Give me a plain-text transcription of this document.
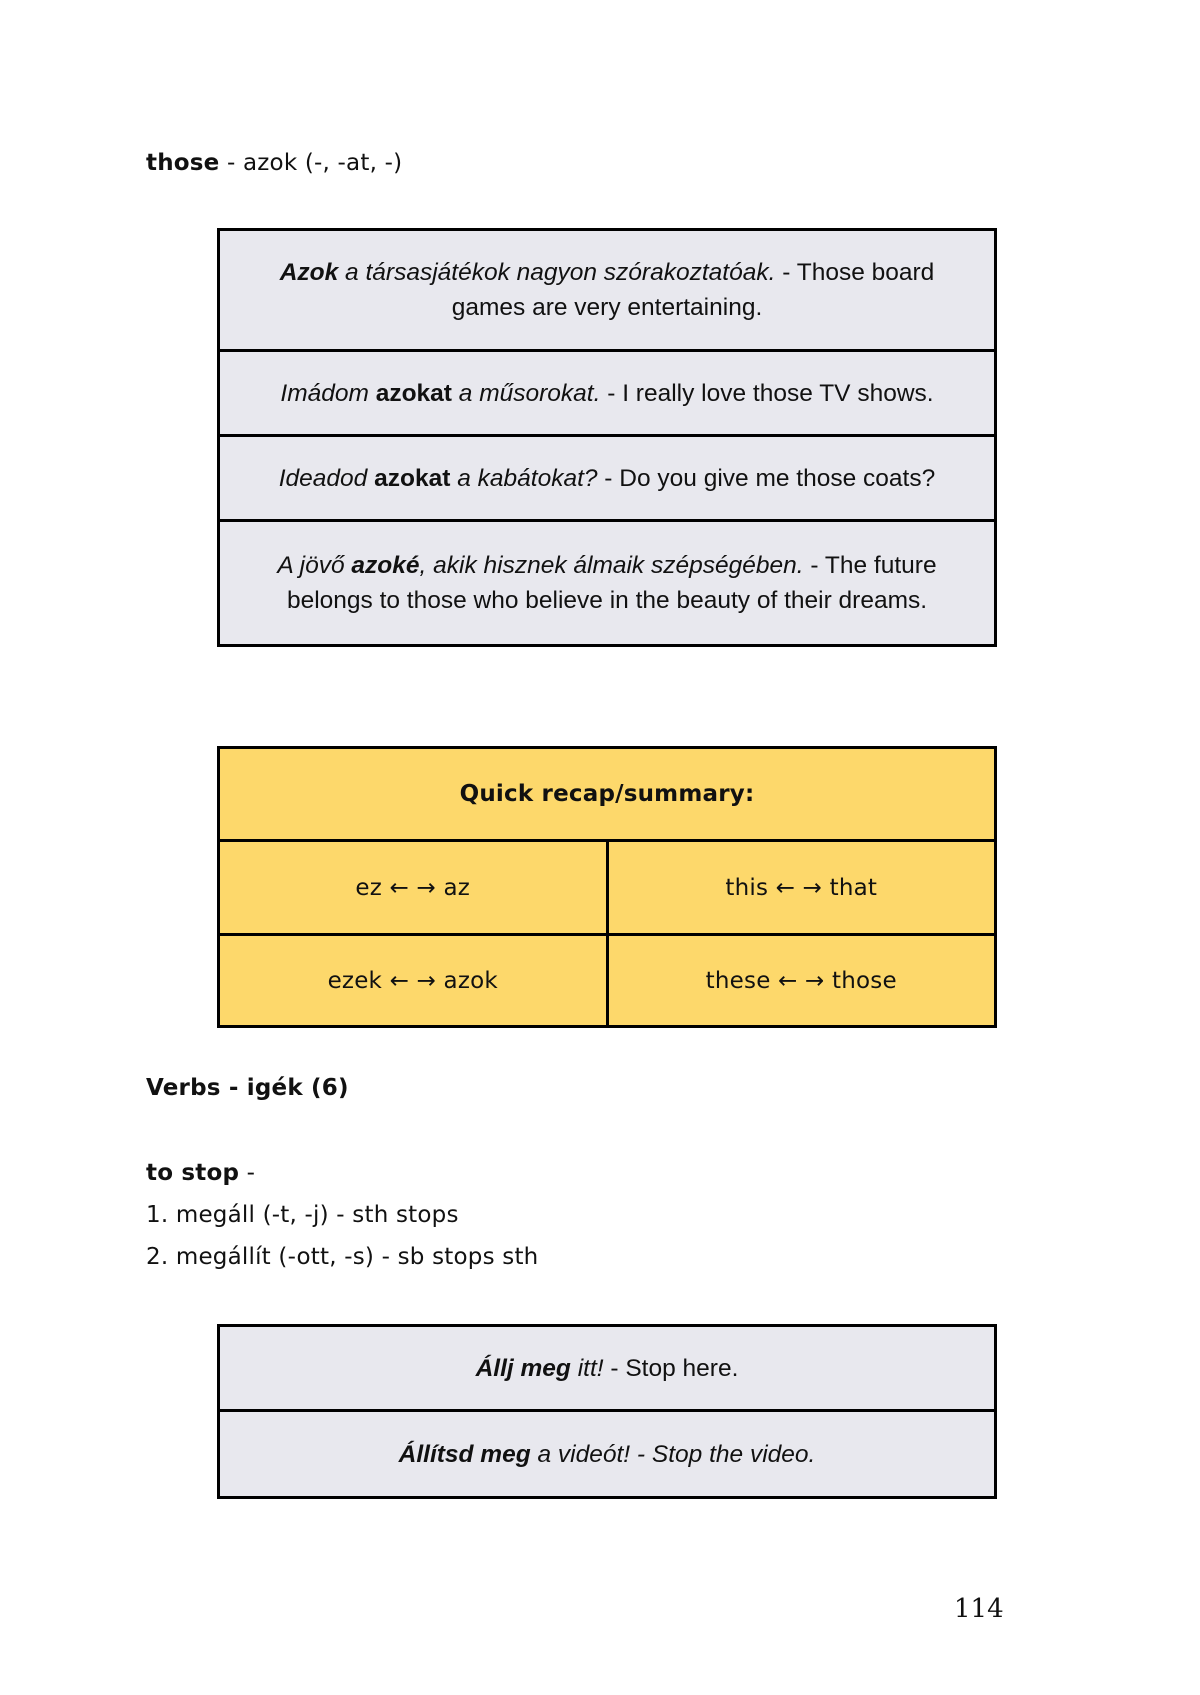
those - azok (-, -at, -)
Azok a társasjátékok nagyon szórakoztatóak. - Those board games are very entertaining.
Imádom azokat a műsorokat. - I really love those TV shows.
Ideadod azokat a kabátokat? - Do you give me those coats?
A jövő azoké, akik hisznek álmaik szépségében. - The future belongs to those who believe in the beauty of their dreams.
Quick recap/summary:
ez ← → az	this ← → that
ezek ← → azok	these ← → those
Verbs - igék (6)
to stop -
1. megáll (-t, -j) - sth stops
2. megállít (-ott, -s) - sb stops sth
Állj meg itt! - Stop here.
Állítsd meg a videót! - Stop the video.
114
